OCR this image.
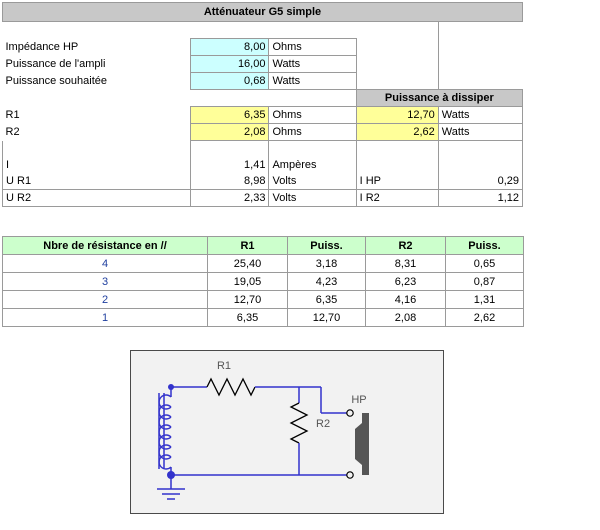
Atténuateur G5 simple				

Impédance HP	8,00	Ohms		
Puissance de l'ampli	16,00	Watts		
Puissance souhaitée	0,68	Watts		
			Puissance à dissiper	
R1	6,35	Ohms	12,70	Watts
R2	2,08	Ohms	2,62	Watts

I	1,41	Ampères		
U R1	8,98	Volts	I HP	0,29
U R2	2,33	Volts	I R2	1,12
Nbre de résistance en //	R1	Puiss.	R2	Puiss.
4	25,40	3,18	8,31	0,65
3	19,05	4,23	6,23	0,87
2	12,70	6,35	4,16	1,31
1	6,35	12,70	2,08	2,62
R1
R2
HP
